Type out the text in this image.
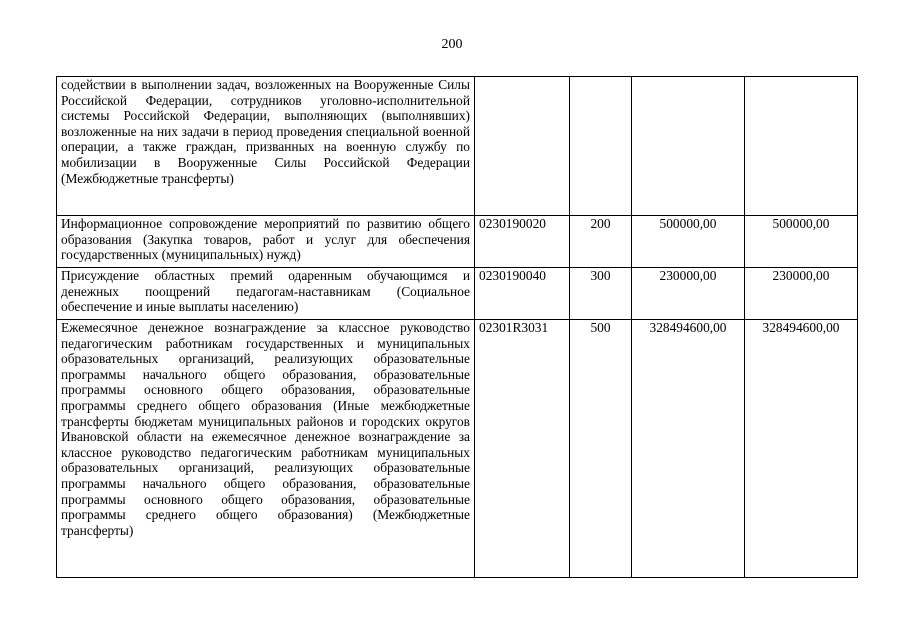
200
содействии в выполнении задач, возложенных на Вооруженные Силы Российской Федерации, сотрудников уголовно-исполнительной системы Российской Федерации, выполняющих (выполнявших) возложенные на них задачи в период проведения специальной военной операции, а также граждан, призванных на военную службу по мобилизации в Вооруженные Силы Российской Федерации (Межбюджетные трансферты)				
Информационное сопровождение мероприятий по развитию общего образования (Закупка товаров, работ и услуг для обеспечения государственных (муниципальных) нужд)	0230190020	200	500000,00	500000,00
Присуждение областных премий одаренным обучающимся и денежных поощрений педагогам-наставникам (Социальное обеспечение и иные выплаты населению)	0230190040	300	230000,00	230000,00
Ежемесячное денежное вознаграждение за классное руководство педагогическим работникам государственных и муниципальных образовательных организаций, реализующих образовательные программы начального общего образования, образовательные программы основного общего образования, образовательные программы среднего общего образования (Иные межбюджетные трансферты бюджетам муниципальных районов и городских округов Ивановской области на ежемесячное денежное вознаграждение за классное руководство педагогическим работникам муниципальных образовательных организаций, реализующих образовательные программы начального общего образования, образовательные программы основного общего образования, образовательные программы среднего общего образования) (Межбюджетные трансферты)	02301R3031	500	328494600,00	328494600,00
